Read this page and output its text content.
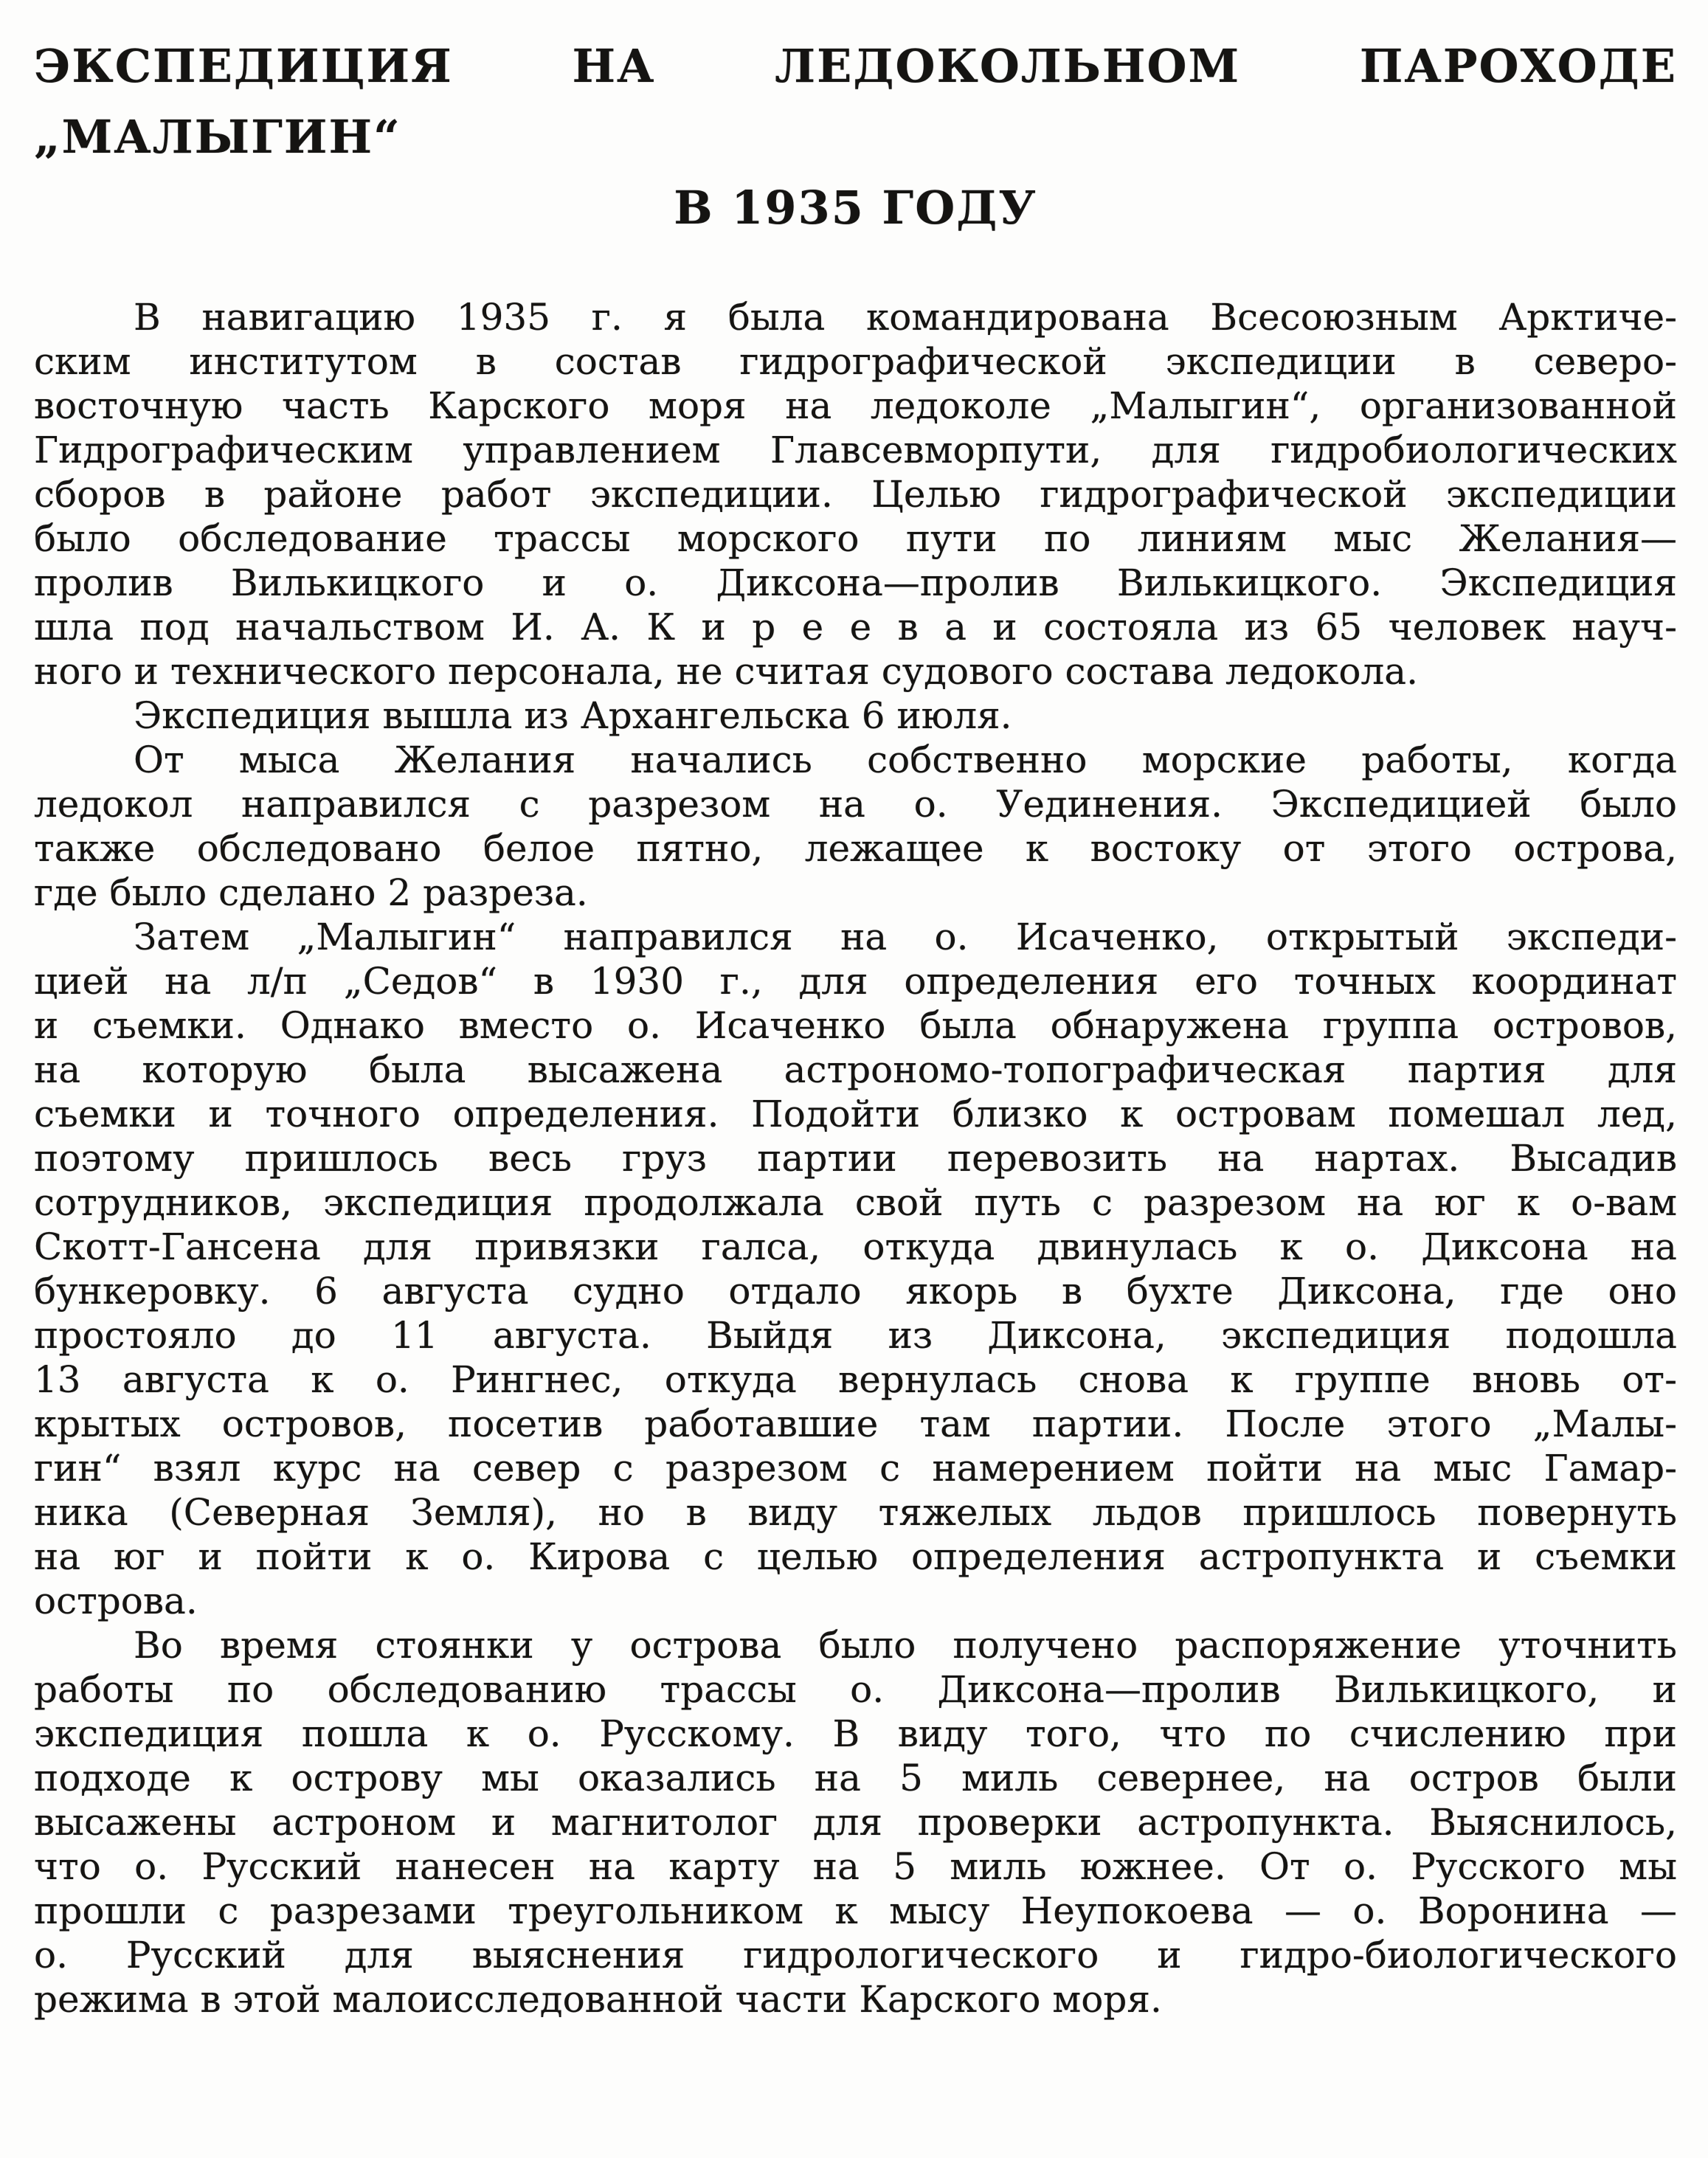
ЭКСПЕДИЦИЯ НА ЛЕДОКОЛЬНОМ ПАРОХОДЕ „МАЛЫГИН“
В 1935 ГОДУ
В навигацию 1935 г. я была командирована Всесоюзным Арктиче-
ским институтом в состав гидрографической экспедиции в северо-
восточную часть Карского моря на ледоколе „Малыгин“, организованной
Гидрографическим управлением Главсевморпути, для гидробиологических
сборов в районе работ экспедиции. Целью гидрографической экспедиции
было обследование трассы морского пути по линиям мыс Желания—
пролив Вилькицкого и о. Диксона—пролив Вилькицкого. Экспедиция
шла под начальством И. А. К и р е е в а и состояла из 65 человек науч-
ного и технического персонала, не считая судового состава ледокола.
Экспедиция вышла из Архангельска 6 июля.
От мыса Желания начались собственно морские работы, когда
ледокол направился с разрезом на о. Уединения. Экспедицией было
также обследовано белое пятно, лежащее к востоку от этого острова,
где было сделано 2 разреза.
Затем „Малыгин“ направился на о. Исаченко, открытый экспеди-
цией на л/п „Седов“ в 1930 г., для определения его точных координат
и съемки. Однако вместо о. Исаченко была обнаружена группа островов,
на которую была высажена астрономо-топографическая партия для
съемки и точного определения. Подойти близко к островам помешал лед,
поэтому пришлось весь груз партии перевозить на нартах. Высадив
сотрудников, экспедиция продолжала свой путь с разрезом на юг к о-вам
Скотт-Гансена для привязки галса, откуда двинулась к о. Диксона на
бункеровку. 6 августа судно отдало якорь в бухте Диксона, где оно
простояло до 11 августа. Выйдя из Диксона, экспедиция подошла
13 августа к о. Рингнес, откуда вернулась снова к группе вновь от-
крытых островов, посетив работавшие там партии. После этого „Малы-
гин“ взял курс на север с разрезом с намерением пойти на мыс Гамар-
ника (Северная Земля), но в виду тяжелых льдов пришлось повернуть
на юг и пойти к о. Кирова с целью определения астропункта и съемки
острова.
Во время стоянки у острова было получено распоряжение уточнить
работы по обследованию трассы о. Диксона—пролив Вилькицкого, и
экспедиция пошла к о. Русскому. В виду того, что по счислению при
подходе к острову мы оказались на 5 миль севернее, на остров были
высажены астроном и магнитолог для проверки астропункта. Выяснилось,
что о. Русский нанесен на карту на 5 миль южнее. От о. Русского мы
прошли с разрезами треугольником к мысу Неупокоева — о. Воронина —
о. Русский для выяснения гидрологического и гидро-биологического
режима в этой малоисследованной части Карского моря.
